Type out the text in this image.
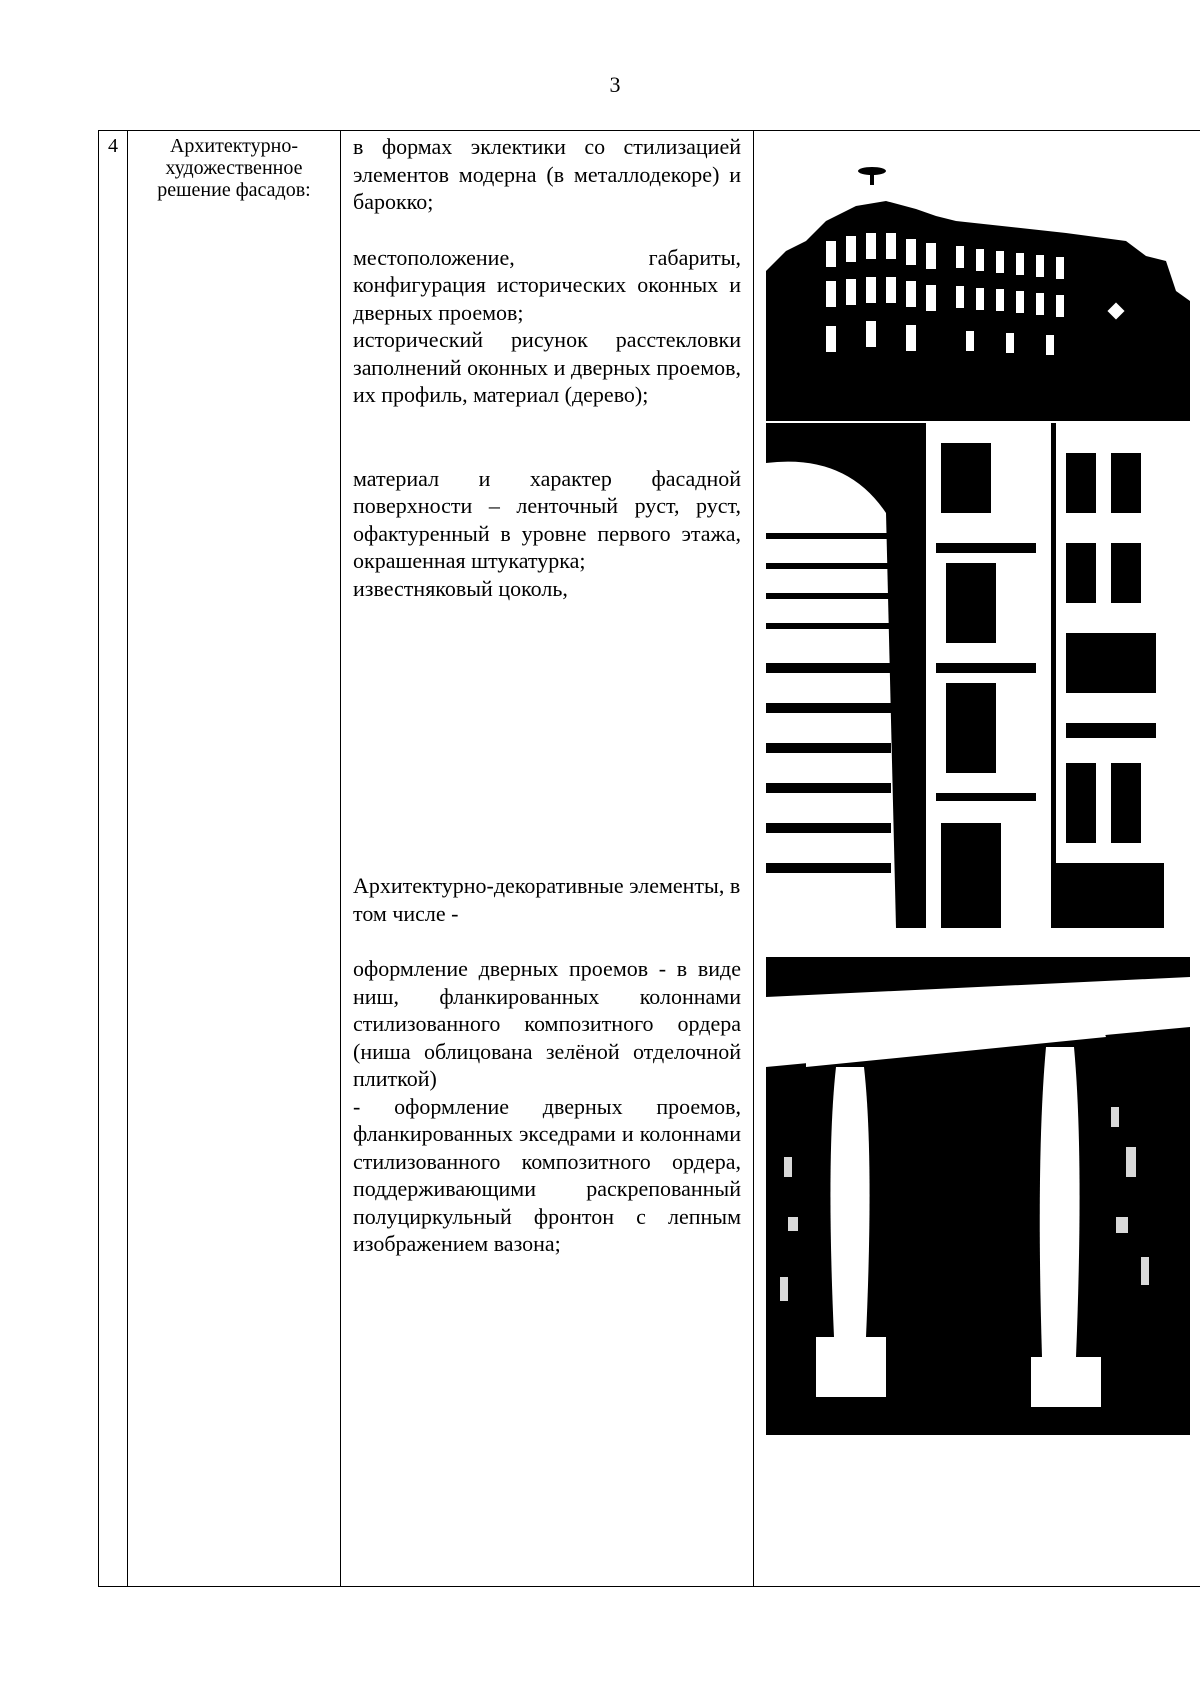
3
4	Архитектурно-художественное решение фасадов:	

в формах эклектики со стилизацией элементов модерна (в металлодекоре) и барокко;

местоположение, габариты, конфигурация исторических оконных и дверных проемов;

исторический рисунок расстекловки заполнений оконных и дверных проемов, их профиль, материал (дерево);

материал и характер фасадной поверхности – ленточный руст, руст, офактуренный в уровне первого этажа, окрашенная штукатурка;

известняковый цоколь,

Архитектурно-декоративные элементы, в том числе -

оформление дверных проемов - в виде ниш, фланкированных колоннами стилизованного композитного ордера (ниша облицована зелёной отделочной плиткой)

- оформление дверных проемов, фланкированных экседрами и колоннами стилизованного композитного ордера, поддерживающими раскрепованный полуциркульный фронтон с лепным изображением вазона;
